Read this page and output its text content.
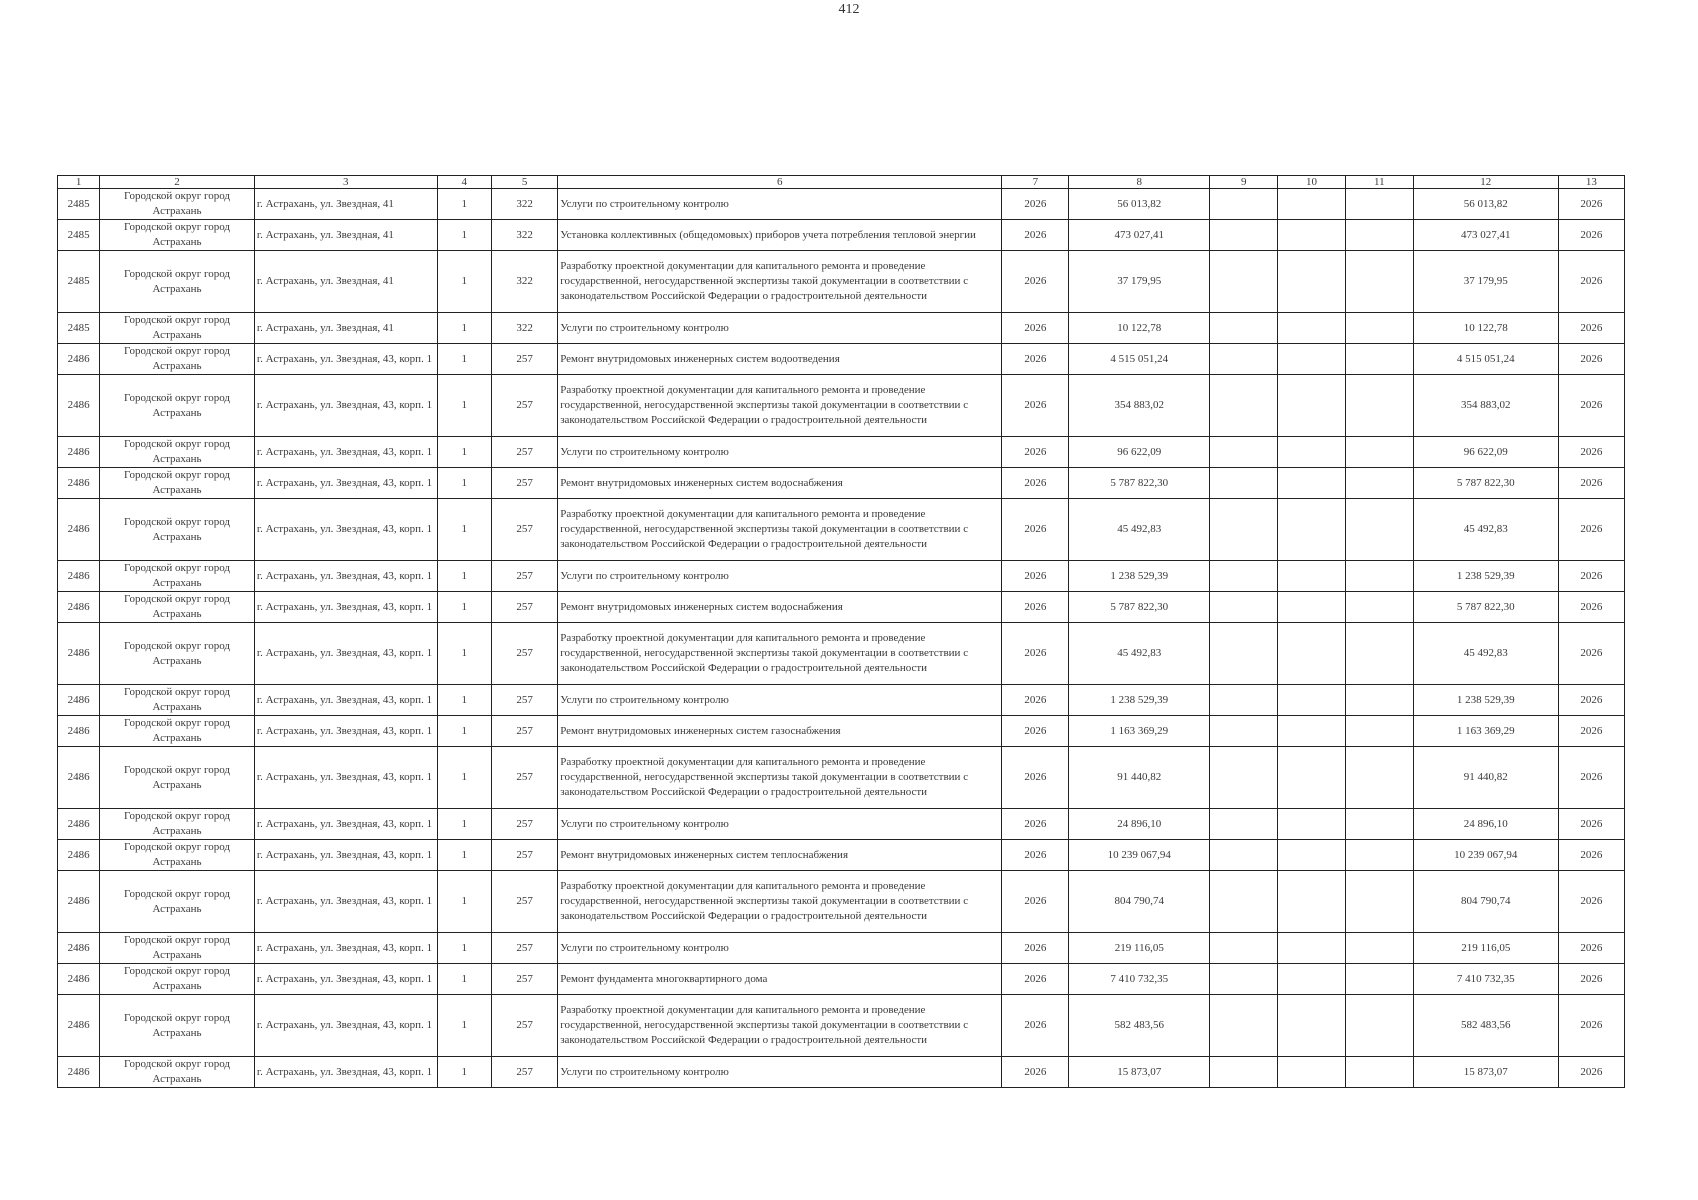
412
1	2	3	4	5	6	7	8	9	10	11	12	13
2485	Городской округ город Астрахань	г. Астрахань, ул. Звездная, 41	1	322	Услуги по строительному контролю	2026	56 013,82				56 013,82	2026
2485	Городской округ город Астрахань	г. Астрахань, ул. Звездная, 41	1	322	Установка коллективных (общедомовых) приборов учета потребления тепловой энергии	2026	473 027,41				473 027,41	2026
2485	Городской округ город Астрахань	г. Астрахань, ул. Звездная, 41	1	322	Разработку проектной документации для капитального ремонта и проведение государственной, негосударственной экспертизы такой документации в соответствии с законодательством Российской Федерации о градостроительной деятельности	2026	37 179,95				37 179,95	2026
2485	Городской округ город Астрахань	г. Астрахань, ул. Звездная, 41	1	322	Услуги по строительному контролю	2026	10 122,78				10 122,78	2026
2486	Городской округ город Астрахань	г. Астрахань, ул. Звездная, 43, корп. 1	1	257	Ремонт внутридомовых инженерных систем водоотведения	2026	4 515 051,24				4 515 051,24	2026
2486	Городской округ город Астрахань	г. Астрахань, ул. Звездная, 43, корп. 1	1	257	Разработку проектной документации для капитального ремонта и проведение государственной, негосударственной экспертизы такой документации в соответствии с законодательством Российской Федерации о градостроительной деятельности	2026	354 883,02				354 883,02	2026
2486	Городской округ город Астрахань	г. Астрахань, ул. Звездная, 43, корп. 1	1	257	Услуги по строительному контролю	2026	96 622,09				96 622,09	2026
2486	Городской округ город Астрахань	г. Астрахань, ул. Звездная, 43, корп. 1	1	257	Ремонт внутридомовых инженерных систем водоснабжения	2026	5 787 822,30				5 787 822,30	2026
2486	Городской округ город Астрахань	г. Астрахань, ул. Звездная, 43, корп. 1	1	257	Разработку проектной документации для капитального ремонта и проведение государственной, негосударственной экспертизы такой документации в соответствии с законодательством Российской Федерации о градостроительной деятельности	2026	45 492,83				45 492,83	2026
2486	Городской округ город Астрахань	г. Астрахань, ул. Звездная, 43, корп. 1	1	257	Услуги по строительному контролю	2026	1 238 529,39				1 238 529,39	2026
2486	Городской округ город Астрахань	г. Астрахань, ул. Звездная, 43, корп. 1	1	257	Ремонт внутридомовых инженерных систем водоснабжения	2026	5 787 822,30				5 787 822,30	2026
2486	Городской округ город Астрахань	г. Астрахань, ул. Звездная, 43, корп. 1	1	257	Разработку проектной документации для капитального ремонта и проведение государственной, негосударственной экспертизы такой документации в соответствии с законодательством Российской Федерации о градостроительной деятельности	2026	45 492,83				45 492,83	2026
2486	Городской округ город Астрахань	г. Астрахань, ул. Звездная, 43, корп. 1	1	257	Услуги по строительному контролю	2026	1 238 529,39				1 238 529,39	2026
2486	Городской округ город Астрахань	г. Астрахань, ул. Звездная, 43, корп. 1	1	257	Ремонт внутридомовых инженерных систем газоснабжения	2026	1 163 369,29				1 163 369,29	2026
2486	Городской округ город Астрахань	г. Астрахань, ул. Звездная, 43, корп. 1	1	257	Разработку проектной документации для капитального ремонта и проведение государственной, негосударственной экспертизы такой документации в соответствии с законодательством Российской Федерации о градостроительной деятельности	2026	91 440,82				91 440,82	2026
2486	Городской округ город Астрахань	г. Астрахань, ул. Звездная, 43, корп. 1	1	257	Услуги по строительному контролю	2026	24 896,10				24 896,10	2026
2486	Городской округ город Астрахань	г. Астрахань, ул. Звездная, 43, корп. 1	1	257	Ремонт внутридомовых инженерных систем теплоснабжения	2026	10 239 067,94				10 239 067,94	2026
2486	Городской округ город Астрахань	г. Астрахань, ул. Звездная, 43, корп. 1	1	257	Разработку проектной документации для капитального ремонта и проведение государственной, негосударственной экспертизы такой документации в соответствии с законодательством Российской Федерации о градостроительной деятельности	2026	804 790,74				804 790,74	2026
2486	Городской округ город Астрахань	г. Астрахань, ул. Звездная, 43, корп. 1	1	257	Услуги по строительному контролю	2026	219 116,05				219 116,05	2026
2486	Городской округ город Астрахань	г. Астрахань, ул. Звездная, 43, корп. 1	1	257	Ремонт фундамента многоквартирного дома	2026	7 410 732,35				7 410 732,35	2026
2486	Городской округ город Астрахань	г. Астрахань, ул. Звездная, 43, корп. 1	1	257	Разработку проектной документации для капитального ремонта и проведение государственной, негосударственной экспертизы такой документации в соответствии с законодательством Российской Федерации о градостроительной деятельности	2026	582 483,56				582 483,56	2026
2486	Городской округ город Астрахань	г. Астрахань, ул. Звездная, 43, корп. 1	1	257	Услуги по строительному контролю	2026	15 873,07				15 873,07	2026
